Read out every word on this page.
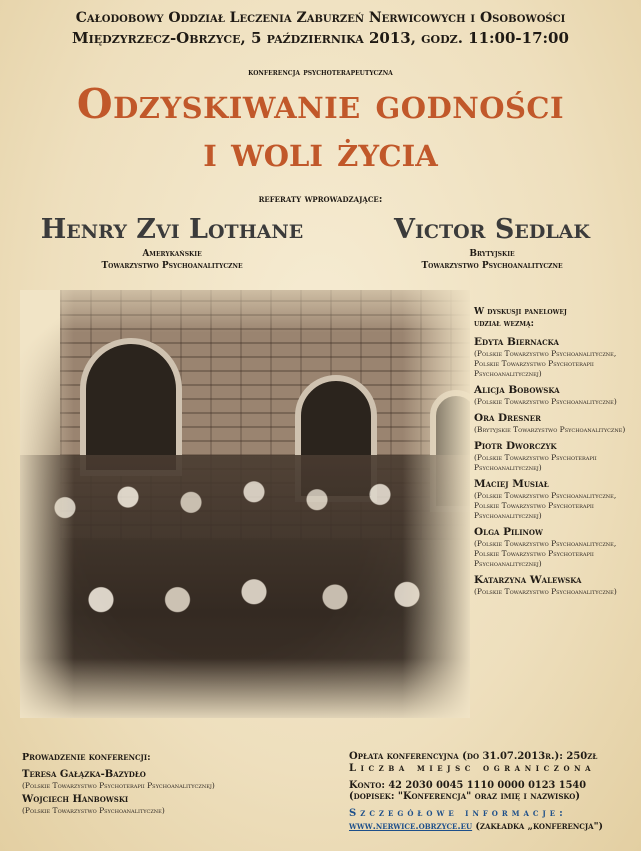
Całodobowy Oddział Leczenia Zaburzeń Nerwicowych i Osobowości
Międzyrzecz-Obrzyce, 5 października 2013, godz. 11:00-17:00
konferencja psychoterapeutyczna
Odzyskiwanie godności
i woli życia
referaty wprowadzające:
Henry Zvi Lothane
Amerykańskie
Towarzystwo Psychoanalityczne
Victor Sedlak
Brytyjskie
Towarzystwo Psychoanalityczne
W dyskusji panelowej
udział wezmą:
Edyta Biernacka
(Polskie Towarzystwo Psychoanalityczne, Polskie Towarzystwo Psychoterapii Psychoanalitycznej)
Alicja Bobowska
(Polskie Towarzystwo Psychoanalityczne)
Ora Dresner
(Brytyjskie Towarzystwo Psychoanalityczne)
Piotr Dworczyk
(Polskie Towarzystwo Psychoterapii Psychoanalitycznej)
Maciej Musiał
(Polskie Towarzystwo Psychoanalityczne, Polskie Towarzystwo Psychoterapii Psychoanalitycznej)
Olga Pilinow
(Polskie Towarzystwo Psychoanalityczne, Polskie Towarzystwo Psychoterapii Psychoanalitycznej)
Katarzyna Walewska
(Polskie Towarzystwo Psychoanalityczne)
Prowadzenie konferencji:
Teresa Gałązka-Bazydło
(Polskie Towarzystwo Psychoterapii Psychoanalitycznej)
Wojciech Hanbowski
(Polskie Towarzystwo Psychoanalityczne)
Opłata konferencyjna (do 31.07.2013r.): 250zł
Liczba miejsc ograniczona
Konto: 42 2030 0045 1110 0000 0123 1540
(dopisek: "Konferencja" oraz imię i nazwisko)
Szczegółowe informacje:
www.nerwice.obrzyce.eu (zakładka „konferencja")
